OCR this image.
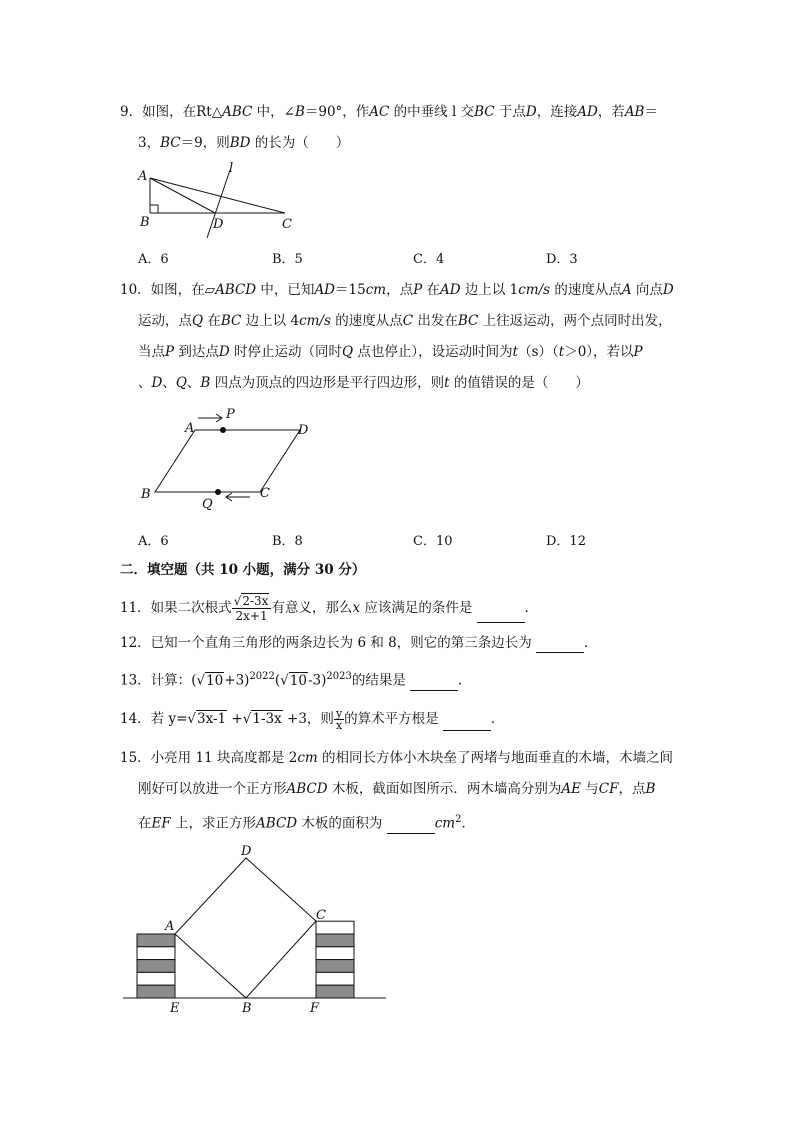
9．如图，在Rt△ABC 中，∠B＝90°，作AC 的中垂线 l 交BC 于点D，连接AD，若AB＝
3，BC＝9，则BD 的长为（　　）
A
B	C
D
l
A．6	B．5	C．4	D．3
10．如图，在▱ABCD 中，已知AD＝15cm，点P 在AD 边上以 1cm/s 的速度从点A 向点D
运动，点Q 在BC 边上以 4cm/s 的速度从点C 出发在BC 上往返运动，两个点同时出发，
当点P 到达点D 时停止运动（同时Q 点也停止），设运动时间为t（s）（t＞0），若以P
、D、Q、B 四点为顶点的四边形是平行四边形，则t 的值错误的是（　　）
A
B	C
D
P
Q
A．6	B．8	C．10	D．12
二．填空题（共 10 小题，满分 30 分）
11．如果二次根式 $\frac{√2-3x}{2x+1}$ 有意义，那么x 应该满足的条件是	．
12．已知一个直角三角形的两条边长为 6 和 8，则它的第三条边长为	．
13．计算：$(√10+3)^{2022}(√10-3)^{2023}$的结果是	．
14．若 y=√3x-1 +√1-3x +3，则 $\frac{y}{x}$ 的算术平方根是	．
15．小亮用 11 块高度都是 2cm 的相同长方体小木块垒了两堵与地面垂直的木墙，木墙之间
刚好可以放进一个正方形ABCD 木板，截面如图所示．两木墙高分别为AE 与CF，点B
在EF 上，求正方形ABCD 木板的面积为	$cm^2$．
A
B
C
D
E	F
